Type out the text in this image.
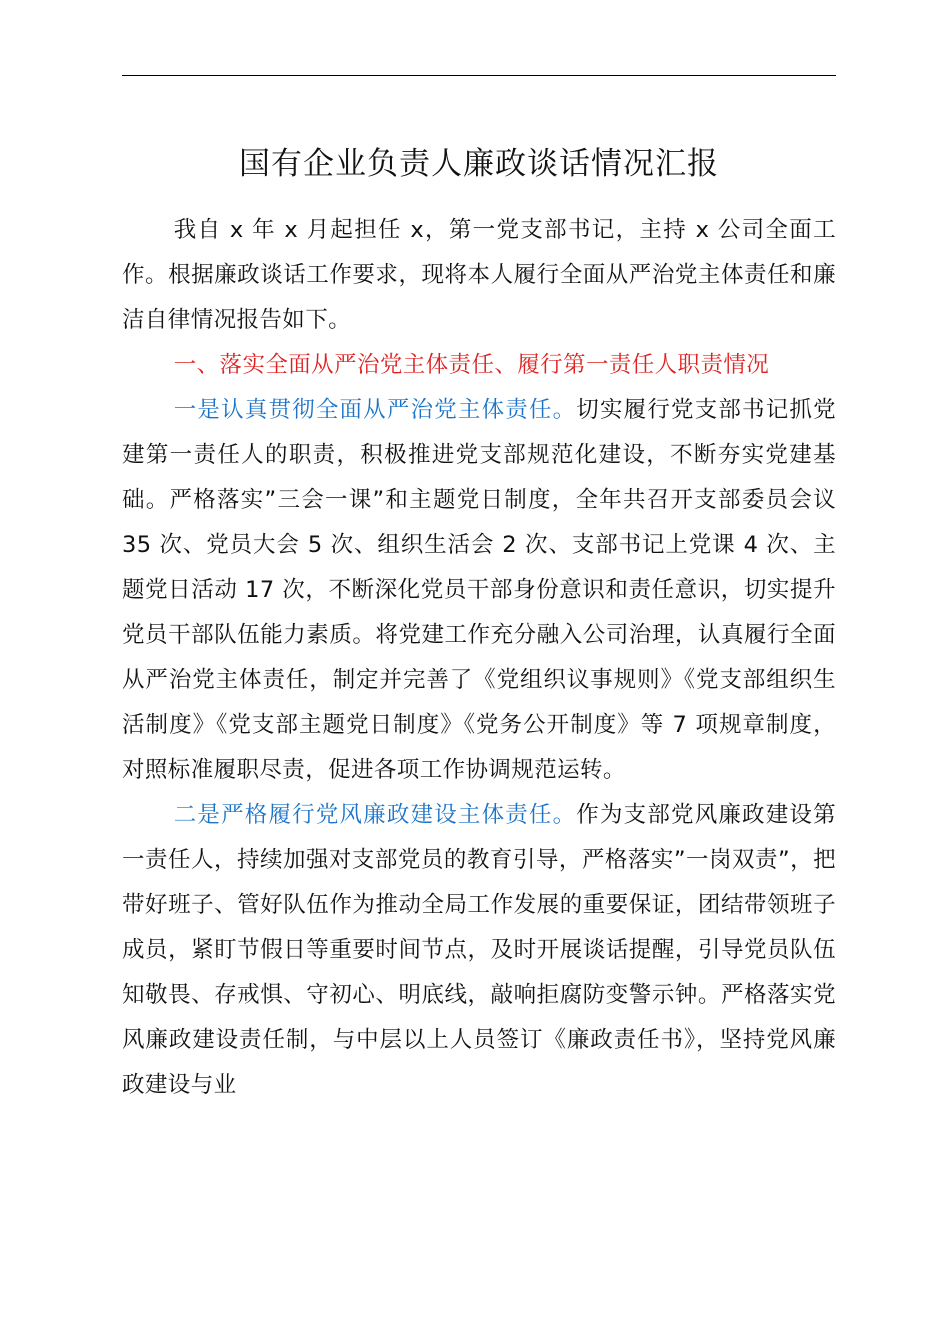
国有企业负责人廉政谈话情况汇报

我自 x 年 x 月起担任 x，第一党支部书记，主持 x 公司全面工作。根据廉政谈话工作要求，现将本人履行全面从严治党主体责任和廉洁自律情况报告如下。

一、落实全面从严治党主体责任、履行第一责任人职责情况

一是认真贯彻全面从严治党主体责任。切实履行党支部书记抓党建第一责任人的职责，积极推进党支部规范化建设，不断夯实党建基础。严格落实”三会一课”和主题党日制度，全年共召开支部委员会议 35 次、党员大会 5 次、组织生活会 2 次、支部书记上党课 4 次、主题党日活动 17 次，不断深化党员干部身份意识和责任意识，切实提升党员干部队伍能力素质。将党建工作充分融入公司治理，认真履行全面从严治党主体责任，制定并完善了《党组织议事规则》《党支部组织生活制度》《党支部主题党日制度》《党务公开制度》等 7 项规章制度，对照标准履职尽责，促进各项工作协调规范运转。

二是严格履行党风廉政建设主体责任。作为支部党风廉政建设第一责任人，持续加强对支部党员的教育引导，严格落实”一岗双责”，把带好班子、管好队伍作为推动全局工作发展的重要保证，团结带领班子成员，紧盯节假日等重要时间节点，及时开展谈话提醒，引导党员队伍知敬畏、存戒惧、守初心、明底线，敲响拒腐防变警示钟。严格落实党风廉政建设责任制，与中层以上人员签订《廉政责任书》，坚持党风廉政建设与业
